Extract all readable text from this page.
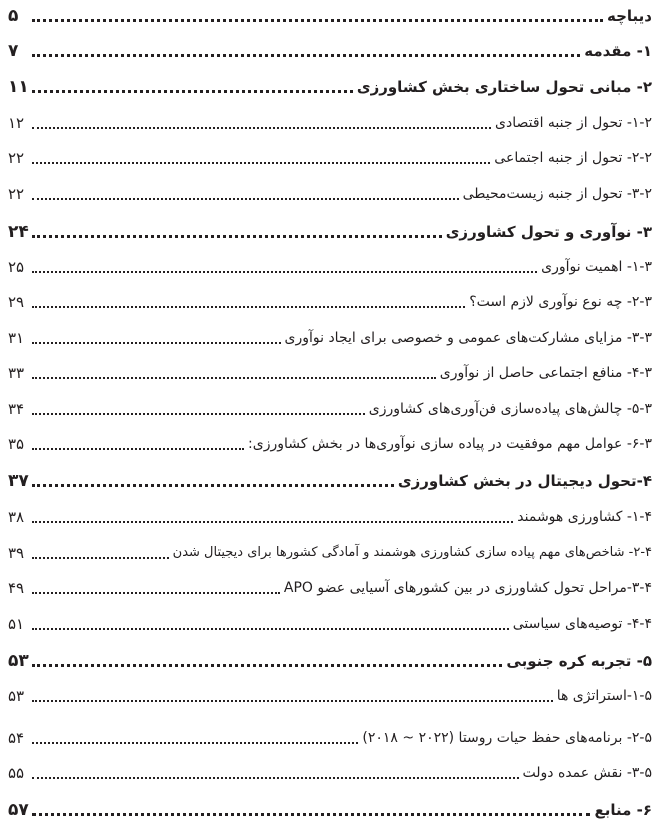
دیباچه
۵
۱- مقدمه
۷
۲- مبانی تحول ساختاری بخش کشاورزی
۱۱
۱-۲- تحول از جنبه اقتصادی
۱۲
۲-۲- تحول از جنبه اجتماعی
۲۲
۳-۲- تحول از جنبه زیست‌محیطی
۲۲
۳- نوآوری و تحول کشاورزی
۲۴
۱-۳- اهمیت نوآوری
۲۵
۲-۳- چه نوع نوآوری لازم است؟
۲۹
۳-۳- مزایای مشارکت‌های عمومی و خصوصی برای ایجاد نوآوری
۳۱
۴-۳- منافع اجتماعی حاصل از نوآوری
۳۳
۵-۳- چالش‌های پیاده‌سازی فن‌آوری‌های کشاورزی
۳۴
۶-۳- عوامل مهم موفقیت در پیاده سازی نوآوری‌ها در بخش کشاورزی:
۳۵
۴-تحول دیجیتال در بخش کشاورزی
۳۷
۱-۴- کشاورزی هوشمند
۳۸
۲-۴- شاخص‌های مهم پیاده سازی کشاورزی هوشمند و آمادگی کشورها برای دیجیتال شدن
۳۹
۳-۴-مراحل تحول کشاورزی در بین کشورهای آسیایی عضو APO
۴۹
۴-۴- توصیه‌های سیاستی
۵۱
۵- تجربه کره جنوبی
۵۳
۱-۵-استراتژی ها
۵۳
۲-۵- برنامه‌های حفظ حیات روستا (۲۰۲۲ ~ ۲۰۱۸)
۵۴
۳-۵- نقش عمده دولت
۵۵
۶- منابع
۵۷
